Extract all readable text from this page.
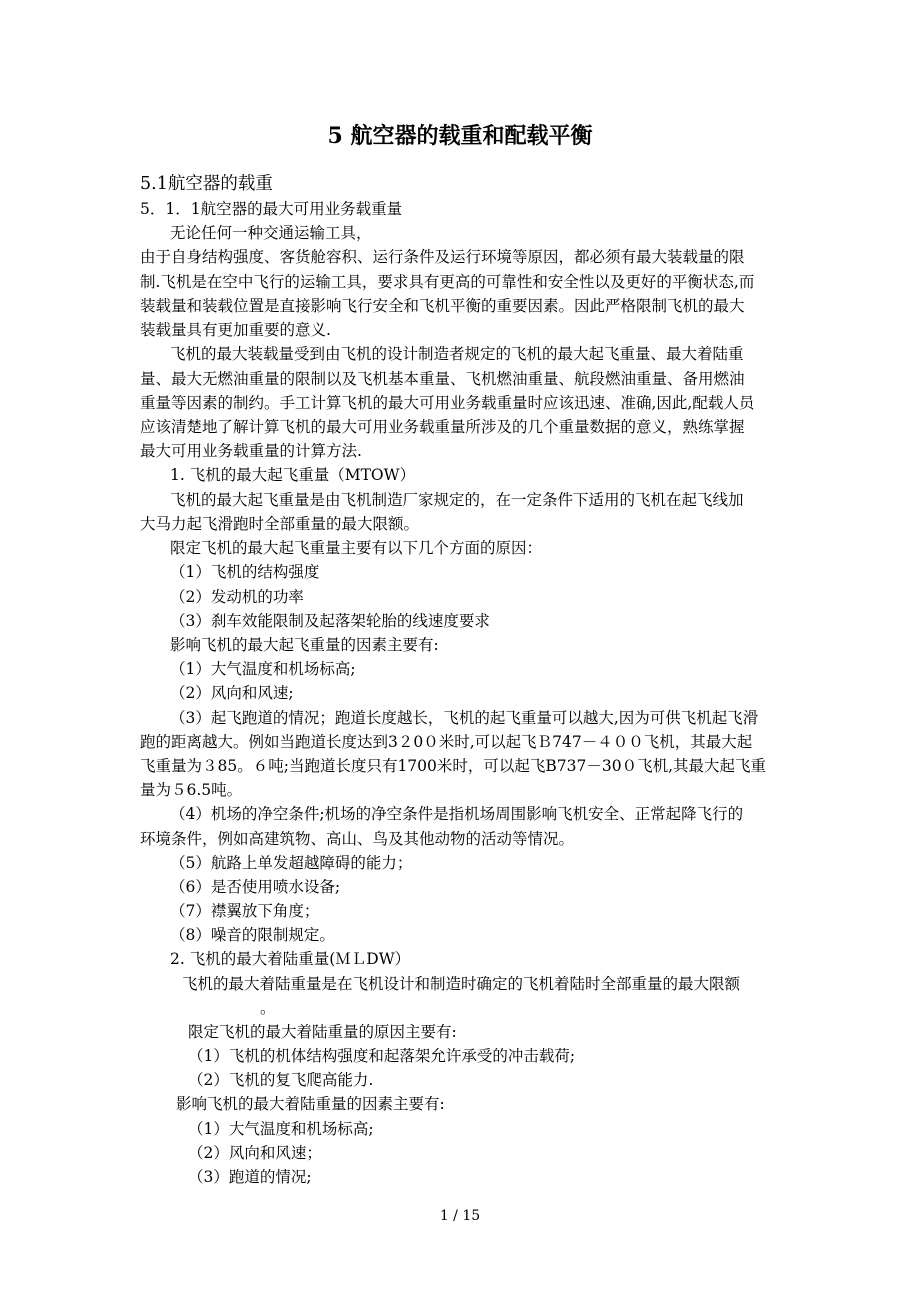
5 航空器的载重和配载平衡
5.1航空器的载重
5．1．1航空器的最大可用业务载重量
无论任何一种交通运输工具，
由于自身结构强度、客货舱容积、运行条件及运行环境等原因，都必须有最大装载量的限
制.飞机是在空中飞行的运输工具，要求具有更高的可靠性和安全性以及更好的平衡状态,而
装载量和装载位置是直接影响飞行安全和飞机平衡的重要因素。因此严格限制飞机的最大
装载量具有更加重要的意义.
飞机的最大装载量受到由飞机的设计制造者规定的飞机的最大起飞重量、最大着陆重
量、最大无燃油重量的限制以及飞机基本重量、飞机燃油重量、航段燃油重量、备用燃油
重量等因素的制约。手工计算飞机的最大可用业务载重量时应该迅速、准确,因此,配载人员
应该清楚地了解计算飞机的最大可用业务载重量所涉及的几个重量数据的意义，熟练掌握
最大可用业务载重量的计算方法.
1. 飞机的最大起飞重量（MTOW）
飞机的最大起飞重量是由飞机制造厂家规定的，在一定条件下适用的飞机在起飞线加
大马力起飞滑跑时全部重量的最大限额。
限定飞机的最大起飞重量主要有以下几个方面的原因：
（1）飞机的结构强度
（2）发动机的功率
（3）刹车效能限制及起落架轮胎的线速度要求
影响飞机的最大起飞重量的因素主要有:
（1）大气温度和机场标高;
（2）风向和风速;
（3）起飞跑道的情况；跑道长度越长，飞机的起飞重量可以越大,因为可供飞机起飞滑
跑的距离越大。例如当跑道长度达到3２0０米时,可以起飞Ｂ747－４００飞机，其最大起
飞重量为３85。６吨;当跑道长度只有1700米时，可以起飞B737－30０飞机,其最大起飞重
量为５6.5吨。
（4）机场的净空条件;机场的净空条件是指机场周围影响飞机安全、正常起降飞行的
环境条件，例如高建筑物、高山、鸟及其他动物的活动等情况。
（5）航路上单发超越障碍的能力；
（6）是否使用喷水设备;
（7）襟翼放下角度；
（8）噪音的限制规定。
2. 飞机的最大着陆重量(ＭＬDW）
飞机的最大着陆重量是在飞机设计和制造时确定的飞机着陆时全部重量的最大限额
。
限定飞机的最大着陆重量的原因主要有:
（1）飞机的机体结构强度和起落架允许承受的冲击载荷;
（2）飞机的复飞爬高能力.
影响飞机的最大着陆重量的因素主要有:
（1）大气温度和机场标高;
（2）风向和风速；
（3）跑道的情况;
1 / 15
